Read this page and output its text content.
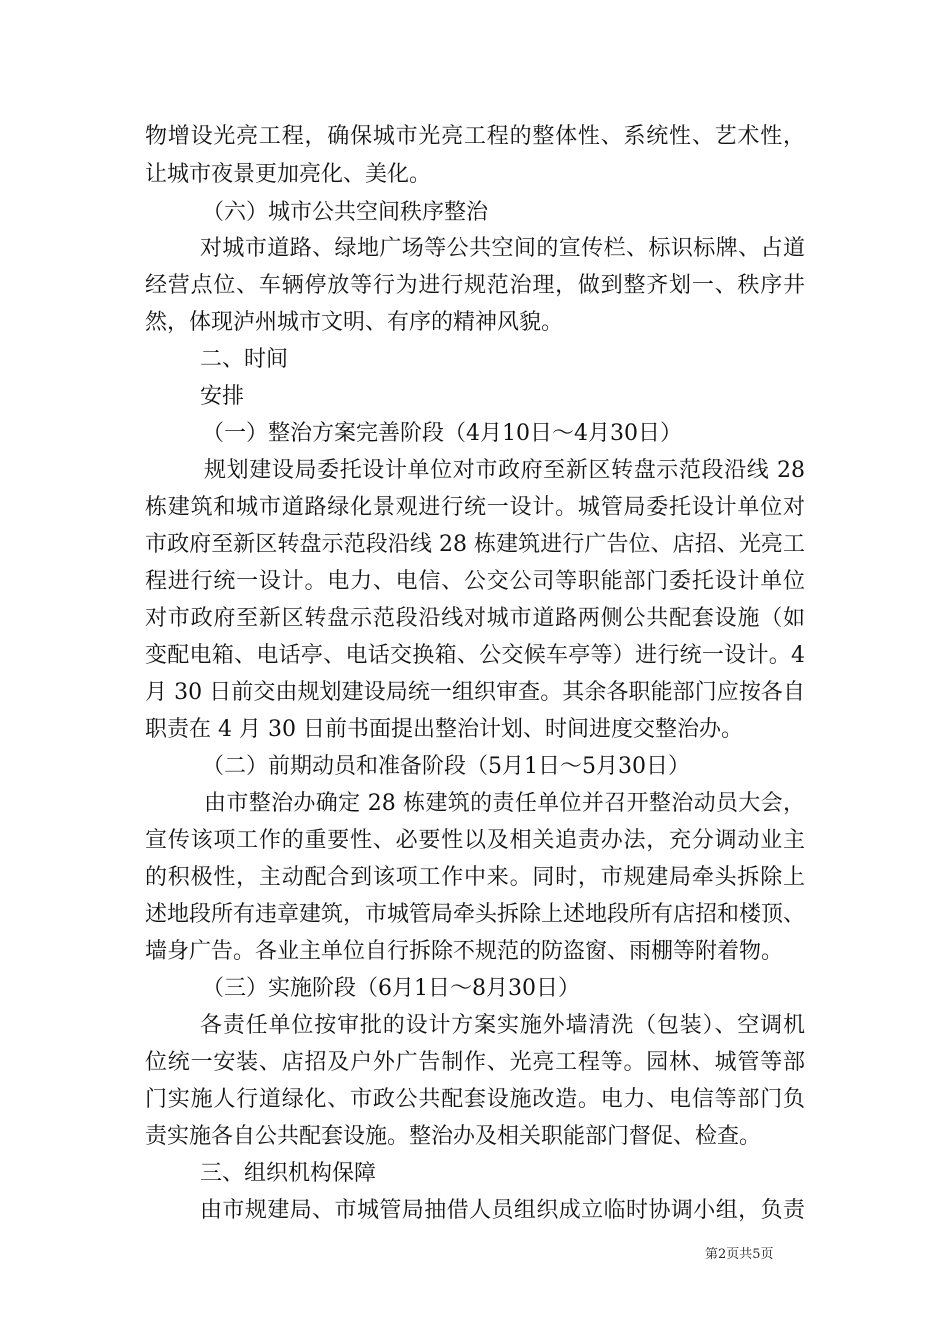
物增设光亮工程，确保城市光亮工程的整体性、系统性、艺术性，
让城市夜景更加亮化、美化。
（六）城市公共空间秩序整治
对城市道路、绿地广场等公共空间的宣传栏、标识标牌、占道
经营点位、车辆停放等行为进行规范治理，做到整齐划一、秩序井
然，体现泸州城市文明、有序的精神风貌。
二、时间
安排
（一）整治方案完善阶段（4月10日～4月30日）
规划建设局委托设计单位对市政府至新区转盘示范段沿线 28
栋建筑和城市道路绿化景观进行统一设计。城管局委托设计单位对
市政府至新区转盘示范段沿线 28 栋建筑进行广告位、店招、光亮工
程进行统一设计。电力、电信、公交公司等职能部门委托设计单位
对市政府至新区转盘示范段沿线对城市道路两侧公共配套设施（如
变配电箱、电话亭、电话交换箱、公交候车亭等）进行统一设计。4
月 30 日前交由规划建设局统一组织审查。其余各职能部门应按各自
职责在 4 月 30 日前书面提出整治计划、时间进度交整治办。
（二）前期动员和准备阶段（5月1日～5月30日）
由市整治办确定 28 栋建筑的责任单位并召开整治动员大会，
宣传该项工作的重要性、必要性以及相关追责办法，充分调动业主
的积极性，主动配合到该项工作中来。同时，市规建局牵头拆除上
述地段所有违章建筑，市城管局牵头拆除上述地段所有店招和楼顶、
墙身广告。各业主单位自行拆除不规范的防盗窗、雨棚等附着物。
（三）实施阶段（6月1日～8月30日）
各责任单位按审批的设计方案实施外墙清洗（包装）、空调机
位统一安装、店招及户外广告制作、光亮工程等。园林、城管等部
门实施人行道绿化、市政公共配套设施改造。电力、电信等部门负
责实施各自公共配套设施。整治办及相关职能部门督促、检查。
三、组织机构保障
由市规建局、市城管局抽借人员组织成立临时协调小组，负责
第2页共5页
